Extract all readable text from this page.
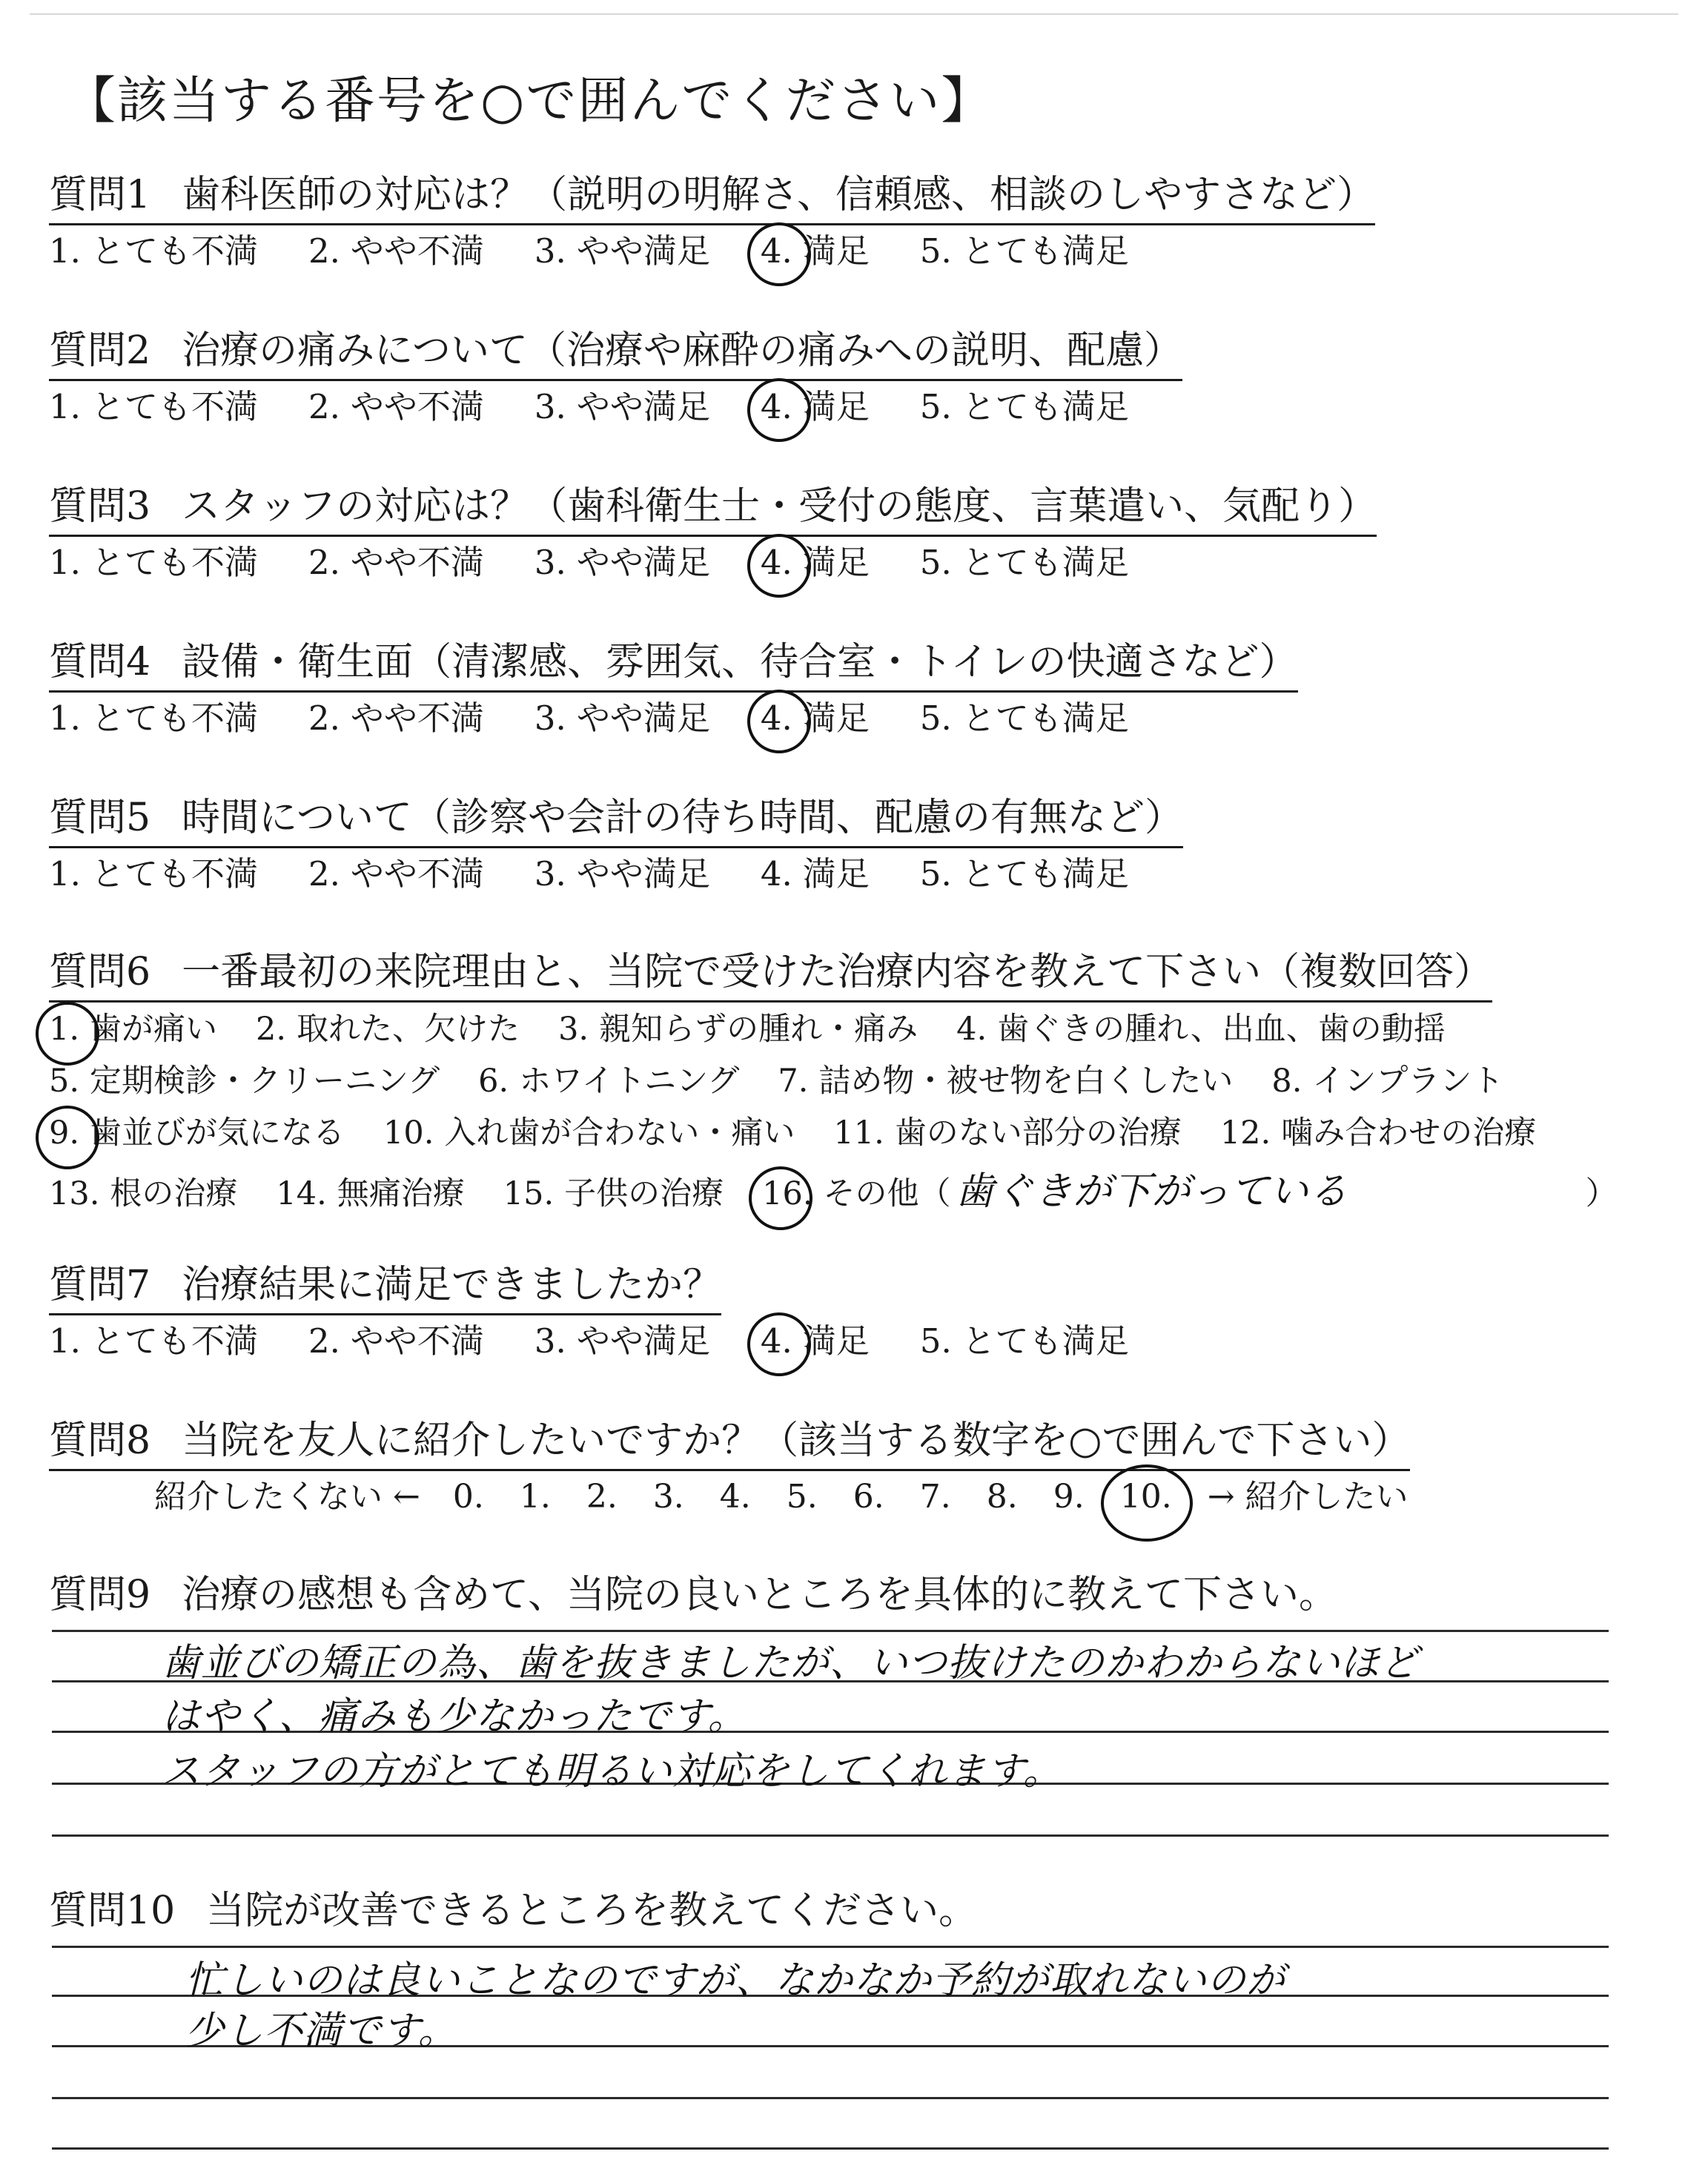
【該当する番号を○で囲んでください】
質問1 歯科医師の対応は？（説明の明解さ、信頼感、相談のしやすさなど）
1. とても不満 2. やや不満 3. やや満足 4. 満足 5. とても満足
質問2 治療の痛みについて（治療や麻酔の痛みへの説明、配慮）
1. とても不満 2. やや不満 3. やや満足 4. 満足 5. とても満足
質問3 スタッフの対応は？（歯科衛生士・受付の態度、言葉遣い、気配り）
1. とても不満 2. やや不満 3. やや満足 4. 満足 5. とても満足
質問4 設備・衛生面（清潔感、雰囲気、待合室・トイレの快適さなど）
1. とても不満 2. やや不満 3. やや満足 4. 満足 5. とても満足
質問5 時間について（診察や会計の待ち時間、配慮の有無など）
1. とても不満 2. やや不満 3. やや満足 4. 満足 5. とても満足
質問6 一番最初の来院理由と、当院で受けた治療内容を教えて下さい（複数回答）
1. 歯が痛い 2. 取れた、欠けた 3. 親知らずの腫れ・痛み 4. 歯ぐきの腫れ、出血、歯の動揺
5. 定期検診・クリーニング 6. ホワイトニング 7. 詰め物・被せ物を白くしたい 8. インプラント
9. 歯並びが気になる 10. 入れ歯が合わない・痛い 11. 歯のない部分の治療 12. 噛み合わせの治療
13. 根の治療 14. 無痛治療 15. 子供の治療 16. その他（ 歯ぐきが下がっている	）
質問7 治療結果に満足できましたか？
1. とても不満 2. やや不満 3. やや満足 4. 満足 5. とても満足
質問8 当院を友人に紹介したいですか？（該当する数字を○で囲んで下さい）
紹介したくない ← 0. 1. 2. 3. 4. 5. 6. 7. 8. 9. 10. → 紹介したい
質問9 治療の感想も含めて、当院の良いところを具体的に教えて下さい。
歯並びの矯正の為、歯を抜きましたが、いつ抜けたのかわからないほど
はやく、痛みも少なかったです。
スタッフの方がとても明るい対応をしてくれます。
質問10 当院が改善できるところを教えてください。
忙しいのは良いことなのですが、なかなか予約が取れないのが
少し不満です。
